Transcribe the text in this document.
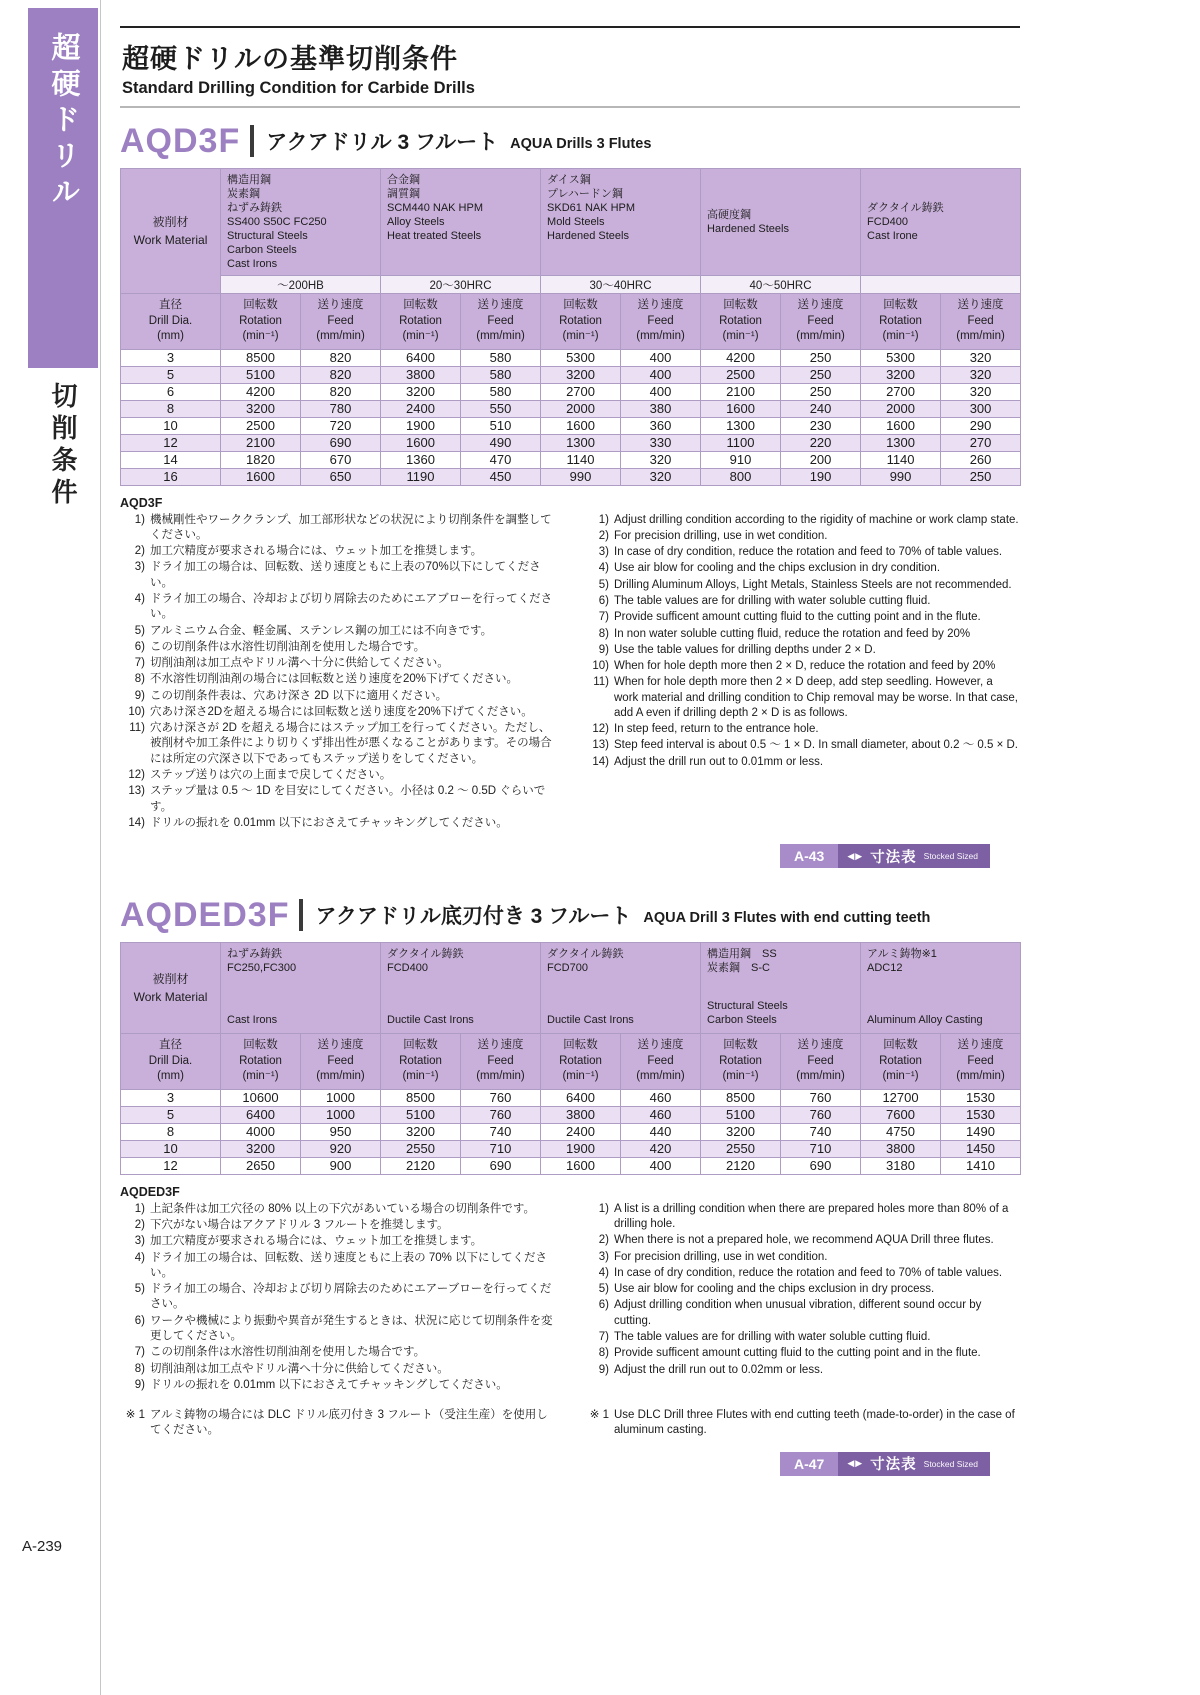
超硬ドリル
切削条件
超硬ドリルの基準切削条件
Standard Drilling Condition for Carbide Drills
AQD3F アクアドリル 3 フルート AQUA Drills 3 Flutes
被削材
Work Material

構造用鋼
炭素鋼
ねずみ鋳鉄
SS400 S50C FC250
Structural Steels
Carbon Steels
Cast Irons

合金鋼
調質鋼
SCM440 NAK HPM
Alloy Steels
Heat treated Steels

ダイス鋼
プレハードン鋼
SKD61 NAK HPM
Mold Steels
Hardened Steels

高硬度鋼
Hardened Steels

ダクタイル鋳鉄
FCD400
Cast Irone

	～200HB		20～30HRC		30～40HRC		40～50HRC			

直径
Drill Dia.
(mm)

回転数
Rotation
(min⁻¹)

送り速度
Feed
(mm/min)

回転数
Rotation
(min⁻¹)

送り速度
Feed
(mm/min)

回転数
Rotation
(min⁻¹)

送り速度
Feed
(mm/min)

回転数
Rotation
(min⁻¹)

送り速度
Feed
(mm/min)

回転数
Rotation
(min⁻¹)

送り速度
Feed
(mm/min)

3	8500	820	6400	580	5300	400	4200	250	5300	320
5	5100	820	3800	580	3200	400	2500	250	3200	320
6	4200	820	3200	580	2700	400	2100	250	2700	320
8	3200	780	2400	550	2000	380	1600	240	2000	300
10	2500	720	1900	510	1600	360	1300	230	1600	290
12	2100	690	1600	490	1300	330	1100	220	1300	270
14	1820	670	1360	470	1140	320	910	200	1140	260
16	1600	650	1190	450	990	320	800	190	990	250
AQD3F
1) 機械剛性やワーククランプ、加工部形状などの状況により切削条件を調整してください。
2) 加工穴精度が要求される場合には、ウェット加工を推奨します。
3) ドライ加工の場合は、回転数、送り速度ともに上表の70%以下にしてください。
4) ドライ加工の場合、冷却および切り屑除去のためにエアブローを行ってください。
5) アルミニウム合金、軽金属、ステンレス鋼の加工には不向きです。
6) この切削条件は水溶性切削油剤を使用した場合です。
7) 切削油剤は加工点やドリル溝へ十分に供給してください。
8) 不水溶性切削油剤の場合には回転数と送り速度を20%下げてください。
9) この切削条件表は、穴あけ深さ 2D 以下に適用ください。
10) 穴あけ深さ2Dを超える場合には回転数と送り速度を20%下げてください。
11) 穴あけ深さが 2D を超える場合にはステップ加工を行ってください。ただし、被削材や加工条件により切りくず排出性が悪くなることがあります。その場合には所定の穴深さ以下であってもステップ送りをしてください。
12) ステップ送りは穴の上面まで戻してください。
13) ステップ量は 0.5 ～ 1D を目安にしてください。小径は 0.2 ～ 0.5D ぐらいです。
14) ドリルの振れを 0.01mm 以下におさえてチャッキングしてください。
1) Adjust drilling condition according to the rigidity of machine or work clamp state.
2) For precision drilling, use in wet condition.
3) In case of dry condition, reduce the rotation and feed to 70% of table values.
4) Use air blow for cooling and the chips exclusion in dry condition.
5) Drilling Aluminum Alloys, Light Metals, Stainless Steels are not recommended.
6) The table values are for drilling with water soluble cutting fluid.
7) Provide sufficent amount cutting fluid to the cutting point and in the flute.
8) In non water soluble cutting fluid, reduce the rotation and feed by 20%
9) Use the table values for drilling depths under 2 × D.
10) When for hole depth more then 2 × D, reduce the rotation and feed by 20%
11) When for hole depth more then 2 × D deep, add step seedling. However, a work material and drilling condition to Chip removal may be worse. In that case, add A even if drilling depth 2 × D is as follows.
12) In step feed, return to the entrance hole.
13) Step feed interval is about 0.5 ～ 1 × D. In small diameter, about 0.2 ～ 0.5 × D.
14) Adjust the drill run out to 0.01mm or less.
A-43	◀▶ 寸法表 Stocked Sized
AQDED3F アクアドリル底刃付き 3 フルート AQUA Drill 3 Flutes with end cutting teeth
被削材
Work Material

ねずみ鋳鉄
FC250,FC300
Cast Irons

ダクタイル鋳鉄
FCD400
Ductile Cast Irons

ダクタイル鋳鉄
FCD700
Ductile Cast Irons

構造用鋼　SS
炭素鋼　S-C
Structural Steels
Carbon Steels

アルミ鋳物※1
ADC12
Aluminum Alloy Casting

直径
Drill Dia.
(mm)

回転数
Rotation
(min⁻¹)

送り速度
Feed
(mm/min)

回転数
Rotation
(min⁻¹)

送り速度
Feed
(mm/min)

回転数
Rotation
(min⁻¹)

送り速度
Feed
(mm/min)

回転数
Rotation
(min⁻¹)

送り速度
Feed
(mm/min)

回転数
Rotation
(min⁻¹)

送り速度
Feed
(mm/min)

3	10600	1000	8500	760	6400	460	8500	760	12700	1530
5	6400	1000	5100	760	3800	460	5100	760	7600	1530
8	4000	950	3200	740	2400	440	3200	740	4750	1490
10	3200	920	2550	710	1900	420	2550	710	3800	1450
12	2650	900	2120	690	1600	400	2120	690	3180	1410
AQDED3F
1) 上記条件は加工穴径の 80% 以上の下穴があいている場合の切削条件です。
2) 下穴がない場合はアクアドリル 3 フルートを推奨します。
3) 加工穴精度が要求される場合には、ウェット加工を推奨します。
4) ドライ加工の場合は、回転数、送り速度ともに上表の 70% 以下にしてください。
5) ドライ加工の場合、冷却および切り屑除去のためにエアーブローを行ってください。
6) ワークや機械により振動や異音が発生するときは、状況に応じて切削条件を変更してください。
7) この切削条件は水溶性切削油剤を使用した場合です。
8) 切削油剤は加工点やドリル溝へ十分に供給してください。
9) ドリルの振れを 0.01mm 以下におさえてチャッキングしてください。
1) A list is a drilling condition when there are prepared holes more than 80% of a drilling hole.
2) When there is not a prepared hole, we recommend AQUA Drill three flutes.
3) For precision drilling, use in wet condition.
4) In case of dry condition, reduce the rotation and feed to 70% of table values.
5) Use air blow for cooling and the chips exclusion in dry process.
6) Adjust drilling condition when unusual vibration, different sound occur by cutting.
7) The table values are for drilling with water soluble cutting fluid.
8) Provide sufficent amount cutting fluid to the cutting point and in the flute.
9) Adjust the drill run out to 0.02mm or less.
※ 1 アルミ鋳物の場合には DLC ドリル底刃付き 3 フルート（受注生産）を使用してください。
※ 1 Use DLC Drill three Flutes with end cutting teeth (made-to-order) in the case of aluminum casting.
A-47	◀▶ 寸法表 Stocked Sized
A-239
